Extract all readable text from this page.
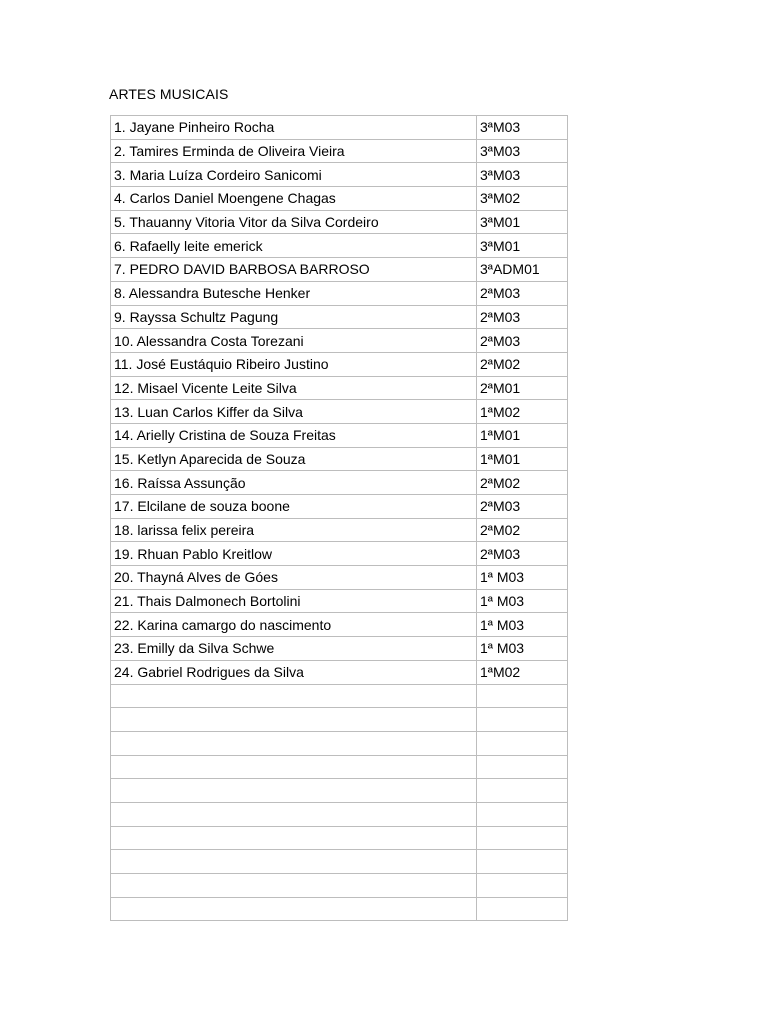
ARTES MUSICAIS
1. Jayane Pinheiro Rocha	3ªM03
2. Tamires Erminda de Oliveira Vieira	3ªM03
3. Maria Luíza Cordeiro Sanicomi	3ªM03
4. Carlos Daniel Moengene Chagas	3ªM02
5. Thauanny Vitoria Vitor da Silva Cordeiro	3ªM01
6. Rafaelly leite emerick	3ªM01
7. PEDRO DAVID BARBOSA BARROSO	3ªADM01
8. Alessandra Butesche Henker	2ªM03
9. Rayssa Schultz Pagung	2ªM03
10. Alessandra Costa Torezani	2ªM03
11. José Eustáquio Ribeiro Justino	2ªM02
12. Misael Vicente Leite Silva	2ªM01
13. Luan Carlos Kiffer da Silva	1ªM02
14. Arielly Cristina de Souza Freitas	1ªM01
15. Ketlyn Aparecida de Souza	1ªM01
16. Raíssa Assunção	2ªM02
17. Elcilane de souza boone	2ªM03
18. larissa felix pereira	2ªM02
19. Rhuan Pablo Kreitlow	2ªM03
20. Thayná Alves de Góes	1ª M03
21. Thais Dalmonech Bortolini	1ª M03
22. Karina camargo do nascimento	1ª M03
23. Emilly da Silva Schwe	1ª M03
24. Gabriel Rodrigues da Silva	1ªM02
